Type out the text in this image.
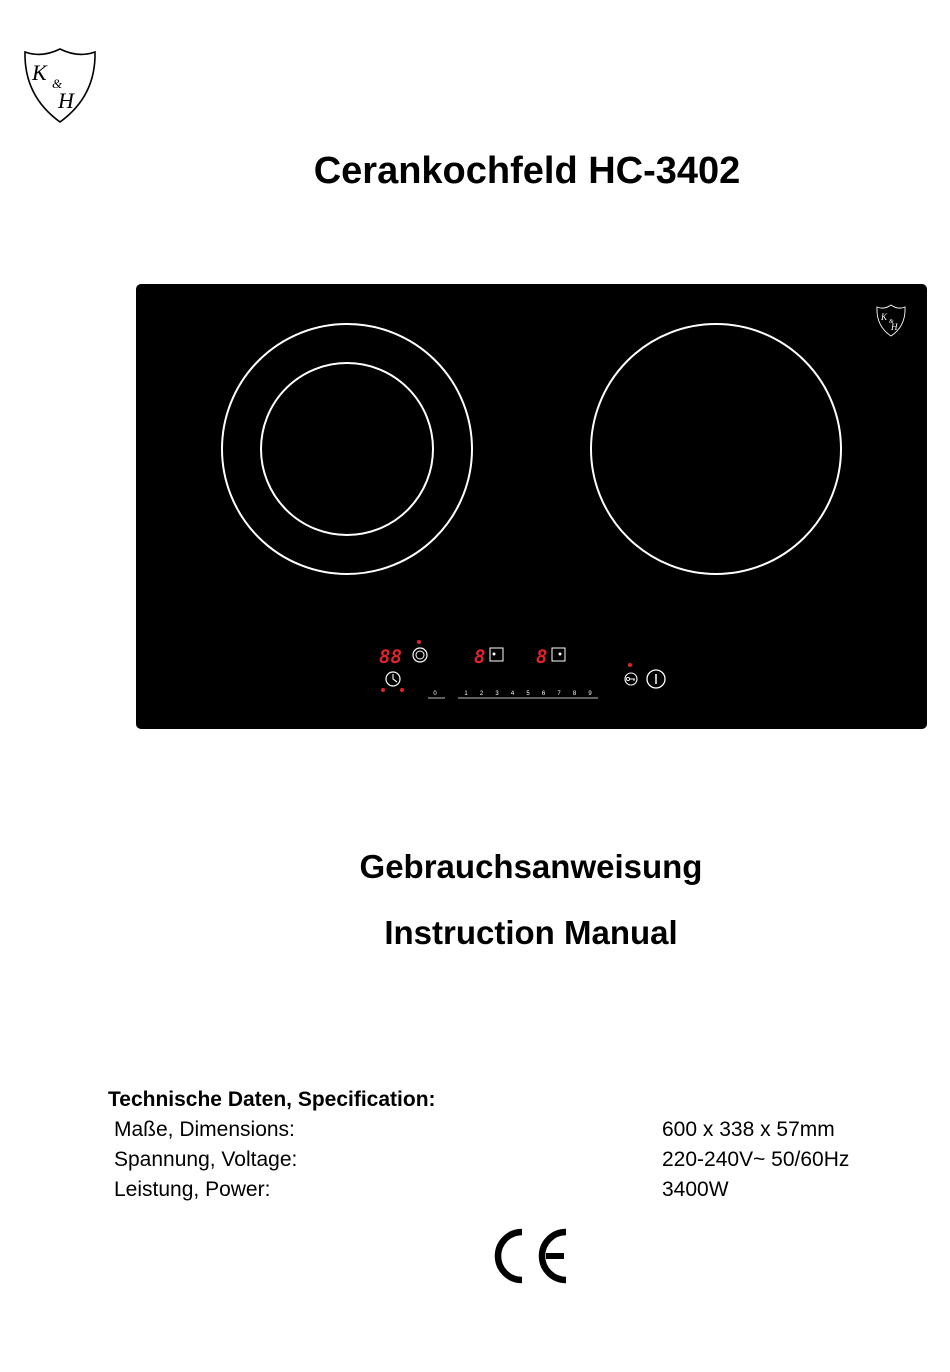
K &
H
Cerankochfeld HC-3402
K &
H
88	8	8
0	1 2 3 4 5 6 7 8 9
Gebrauchsanweisung
Instruction Manual
Technische Daten, Specification:
Maße, Dimensions:	600 x 338 x 57mm
Spannung, Voltage:	220-240V~ 50/60Hz
Leistung, Power:	3400W
